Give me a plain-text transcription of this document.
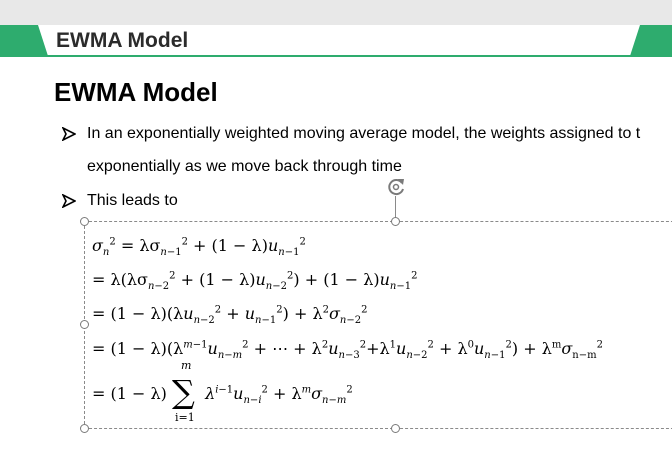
EWMA Model
EWMA Model
In an exponentially weighted moving average model, the weights assigned to t
exponentially as we move back through time
This leads to
$\sigma_n^2 = \lambda\sigma_{n-1}^2 + (1 - \lambda)u_{n-1}^2$
= $\lambda(\lambda\sigma_{n-2}^2 + (1 - \lambda)u_{n-2}^2) + (1 - \lambda)u_{n-1}^2$
= $(1 - \lambda)(\lambda u_{n-2}^2 + u_{n-1}^2) + \lambda^2\sigma_{n-2}^2$
= $(1 - \lambda)(\lambda^{m-1}u_{n-m}^2$ + ⋯ + $\lambda^2u_{n-3}^2+\lambda^1u_{n-2}^2 + \lambda^0u_{n-1}^2) + \lambda^m\sigma_{n-m}^2$
= (1 − λ)
m
∑
i=1
$\lambda^{i-1}u_{n-i}^2 + \lambda^m\sigma_{n-m}^2$
